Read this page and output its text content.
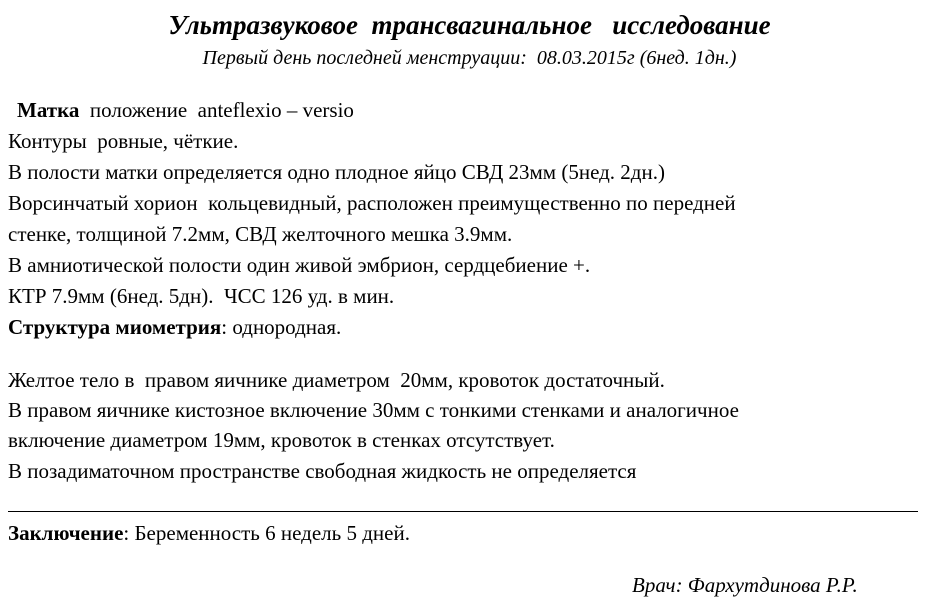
Ультразвуковое  трансвагинальное   исследование
Первый день последней менструации:  08.03.2015г (6нед. 1дн.)
Матка  положение  anteflexio – versio
Контуры  ровные, чёткие.
В полости матки определяется одно плодное яйцо СВД 23мм (5нед. 2дн.)
Ворсинчатый хорион  кольцевидный, расположен преимущественно по передней
стенке, толщиной 7.2мм, СВД желточного мешка 3.9мм.
В амниотической полости один живой эмбрион, сердцебиение +.
КТР 7.9мм (6нед. 5дн).  ЧСС 126 уд. в мин.
Структура миометрия: однородная.
Желтое тело в  правом яичнике диаметром  20мм, кровоток достаточный.
В правом яичнике кистозное включение 30мм с тонкими стенками и аналогичное
включение диаметром 19мм, кровоток в стенках отсутствует.
В позадиматочном пространстве свободная жидкость не определяется
Заключение: Беременность 6 недель 5 дней.
Врач: Фархутдинова Р.Р.
